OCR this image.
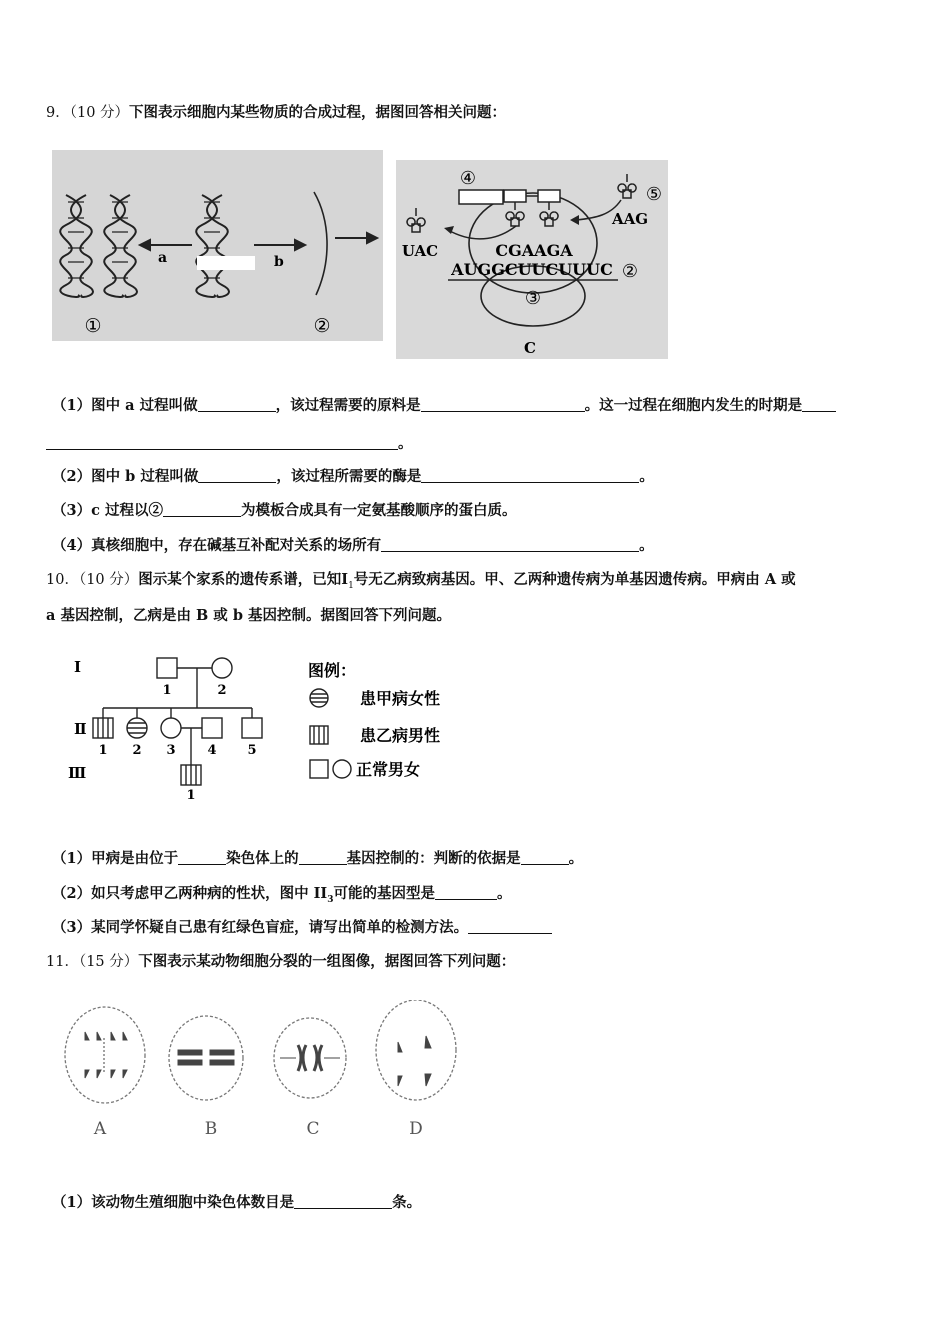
9．（10 分）下图表示细胞内某些物质的合成过程，据图回答相关问题：
a	b
①	②
④
⑤
UAC
AAG
CGAAGA
AUGGCUUCUUUC ②
③
C
（1）图中 a 过程叫做	，该过程需要的原料是	。这一过程在细胞内发生的时期是
。
（2）图中 b 过程叫做	，该过程所需要的酶是	。
（3）c 过程以②	为模板合成具有一定氨基酸顺序的蛋白质。
（4）真核细胞中，存在碱基互补配对关系的场所有	。
10．（10 分）图示某个家系的遗传系谱，已知$Ⅰ_1$号无乙病致病基因。甲、乙两种遗传病为单基因遗传病。甲病由 A 或
a 基因控制，乙病是由 B 或 b 基因控制。据图回答下列问题。
Ⅰ
Ⅱ
Ⅲ
1	2
1 2 3 4 5
1
图例：
患甲病女性
患乙病男性
正常男女
（1）甲病是由位于	染色体上的	基因控制的：判断的依据是	。
（2）如只考虑甲乙两种病的性状，图中 $II_3$可能的基因型是	。
（3）某同学怀疑自己患有红绿色盲症，请写出简单的检测方法。
11．（15 分）下图表示某动物细胞分裂的一组图像，据图回答下列问题：
A	B	C	D
（1）该动物生殖细胞中染色体数目是	条。
